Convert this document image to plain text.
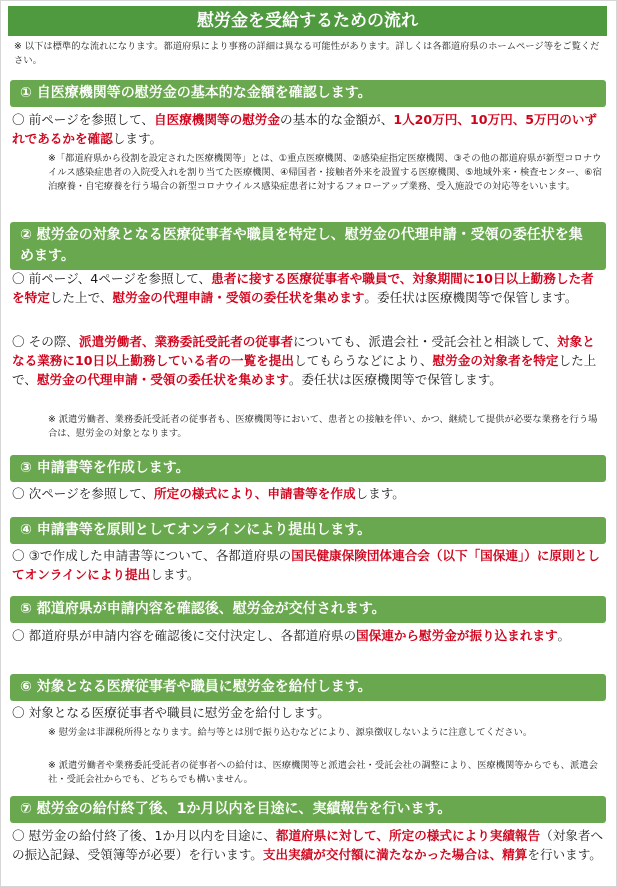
慰労金を受給するための流れ
※ 以下は標準的な流れになります。都道府県により事務の詳細は異なる可能性があります。詳しくは各都道府県のホームページ等をご覧ください。
① 自医療機関等の慰労金の基本的な金額を確認します。
〇 前ページを参照して、自医療機関等の慰労金の基本的な金額が、1人20万円、10万円、5万円のいずれであるかを確認します。
※「都道府県から役割を設定された医療機関等」とは、①重点医療機関、②感染症指定医療機関、③その他の都道府県が新型コロナウイルス感染症患者の入院受入れを割り当てた医療機関、④帰国者・接触者外来を設置する医療機関、⑤地域外来・検査センター、⑥宿泊療養・自宅療養を行う場合の新型コロナウイルス感染症患者に対するフォローアップ業務、受入施設での対応等をいいます。
② 慰労金の対象となる医療従事者や職員を特定し、慰労金の代理申請・受領の委任状を集めます。
〇 前ページ、4ページを参照して、患者に接する医療従事者や職員で、対象期間に10日以上勤務した者を特定した上で、慰労金の代理申請・受領の委任状を集めます。委任状は医療機関等で保管します。
〇 その際、派遣労働者、業務委託受託者の従事者についても、派遣会社・受託会社と相談して、対象となる業務に10日以上勤務している者の一覧を提出してもらうなどにより、慰労金の対象者を特定した上で、慰労金の代理申請・受領の委任状を集めます。委任状は医療機関等で保管します。
※ 派遣労働者、業務委託受託者の従事者も、医療機関等において、患者との接触を伴い、かつ、継続して提供が必要な業務を行う場合は、慰労金の対象となります。
③ 申請書等を作成します。
〇 次ページを参照して、所定の様式により、申請書等を作成します。
④ 申請書等を原則としてオンラインにより提出します。
〇 ③で作成した申請書等について、各都道府県の国民健康保険団体連合会（以下「国保連」）に原則としてオンラインにより提出します。
⑤ 都道府県が申請内容を確認後、慰労金が交付されます。
〇 都道府県が申請内容を確認後に交付決定し、各都道府県の国保連から慰労金が振り込まれます。
⑥ 対象となる医療従事者や職員に慰労金を給付します。
〇 対象となる医療従事者や職員に慰労金を給付します。
※ 慰労金は非課税所得となります。給与等とは別で振り込むなどにより、源泉徴収しないように注意してください。
※ 派遣労働者や業務委託受託者の従事者への給付は、医療機関等と派遣会社・受託会社の調整により、医療機関等からでも、派遣会社・受託会社からでも、どちらでも構いません。
⑦ 慰労金の給付終了後、1か月以内を目途に、実績報告を行います。
〇 慰労金の給付終了後、1か月以内を目途に、都道府県に対して、所定の様式により実績報告（対象者への振込記録、受領簿等が必要）を行います。支出実績が交付額に満たなかった場合は、精算を行います。
